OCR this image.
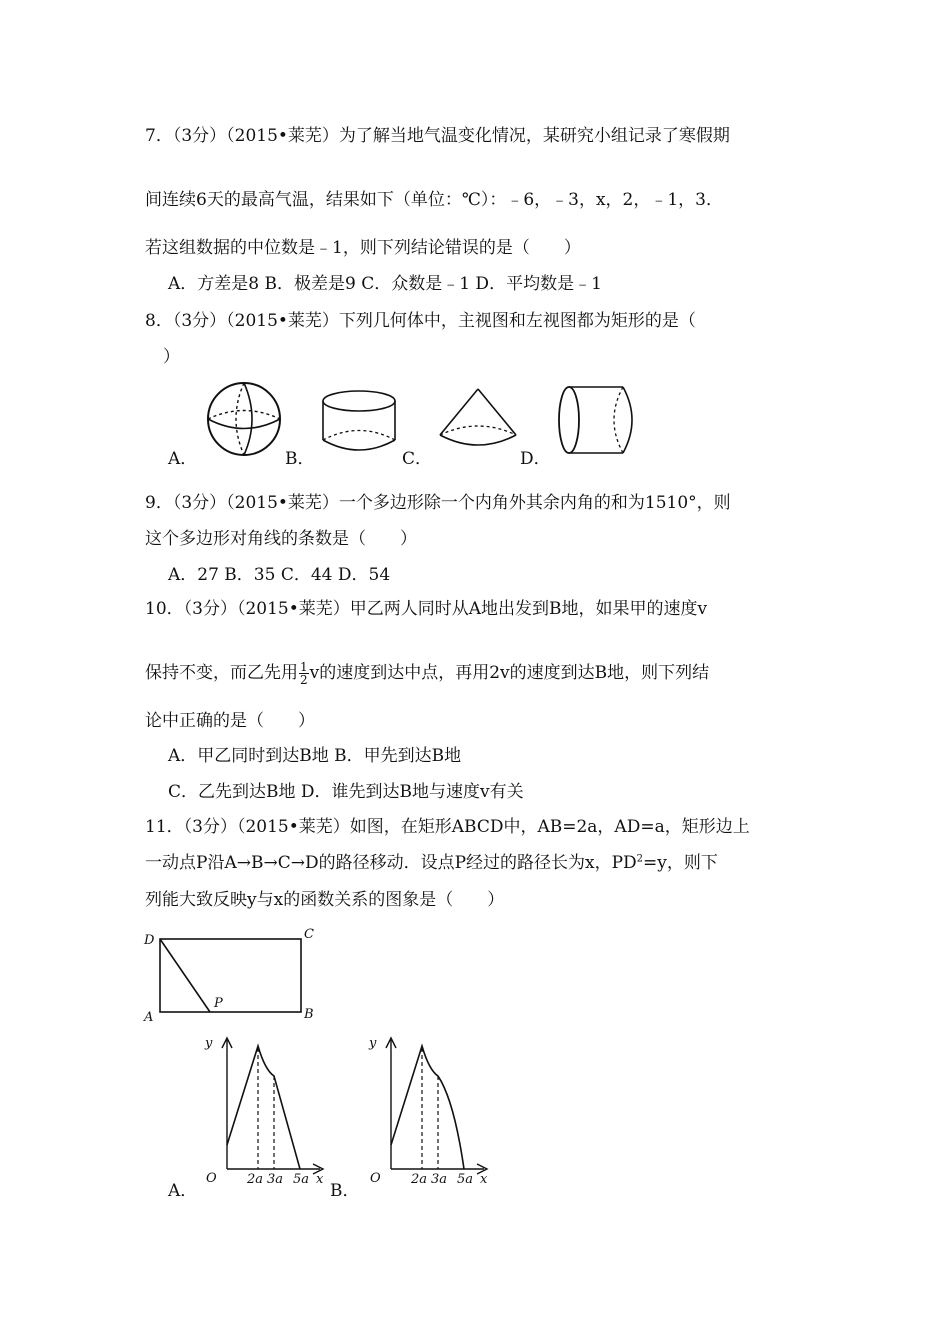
7．（3分）（2015•莱芜）为了解当地气温变化情况，某研究小组记录了寒假期
间连续6天的最高气温，结果如下（单位：℃）：﹣6，﹣3，x，2，﹣1，3．
若这组数据的中位数是﹣1，则下列结论错误的是（　　）
A．方差是8 B．极差是9 C．众数是﹣1 D．平均数是﹣1
8．（3分）（2015•莱芜）下列几何体中，主视图和左视图都为矩形的是（
）
A．	B．	C．	D．
9．（3分）（2015•莱芜）一个多边形除一个内角外其余内角的和为1510°，则
这个多边形对角线的条数是（　　）
A．27 B．35 C．44 D．54
10．（3分）（2015•莱芜）甲乙两人同时从A地出发到B地，如果甲的速度v
保持不变，而乙先用 $\frac{1}{2}$ v的速度到达中点，再用2v的速度到达B地，则下列结
论中正确的是（　　）
A．甲乙同时到达B地 B．甲先到达B地
C．乙先到达B地 D．谁先到达B地与速度v有关
11．（3分）（2015•莱芜）如图，在矩形ABCD中，AB=2a，AD=a，矩形边上
一动点P沿A→B→C→D的路径移动．设点P经过的路径长为x，$PD^2=y$，则下
列能大致反映y与x的函数关系的图象是（　　）
D	C
A	B
P
A．
y
O 2a 3a 5a x
B．
y
O 2a 3a 5a x
